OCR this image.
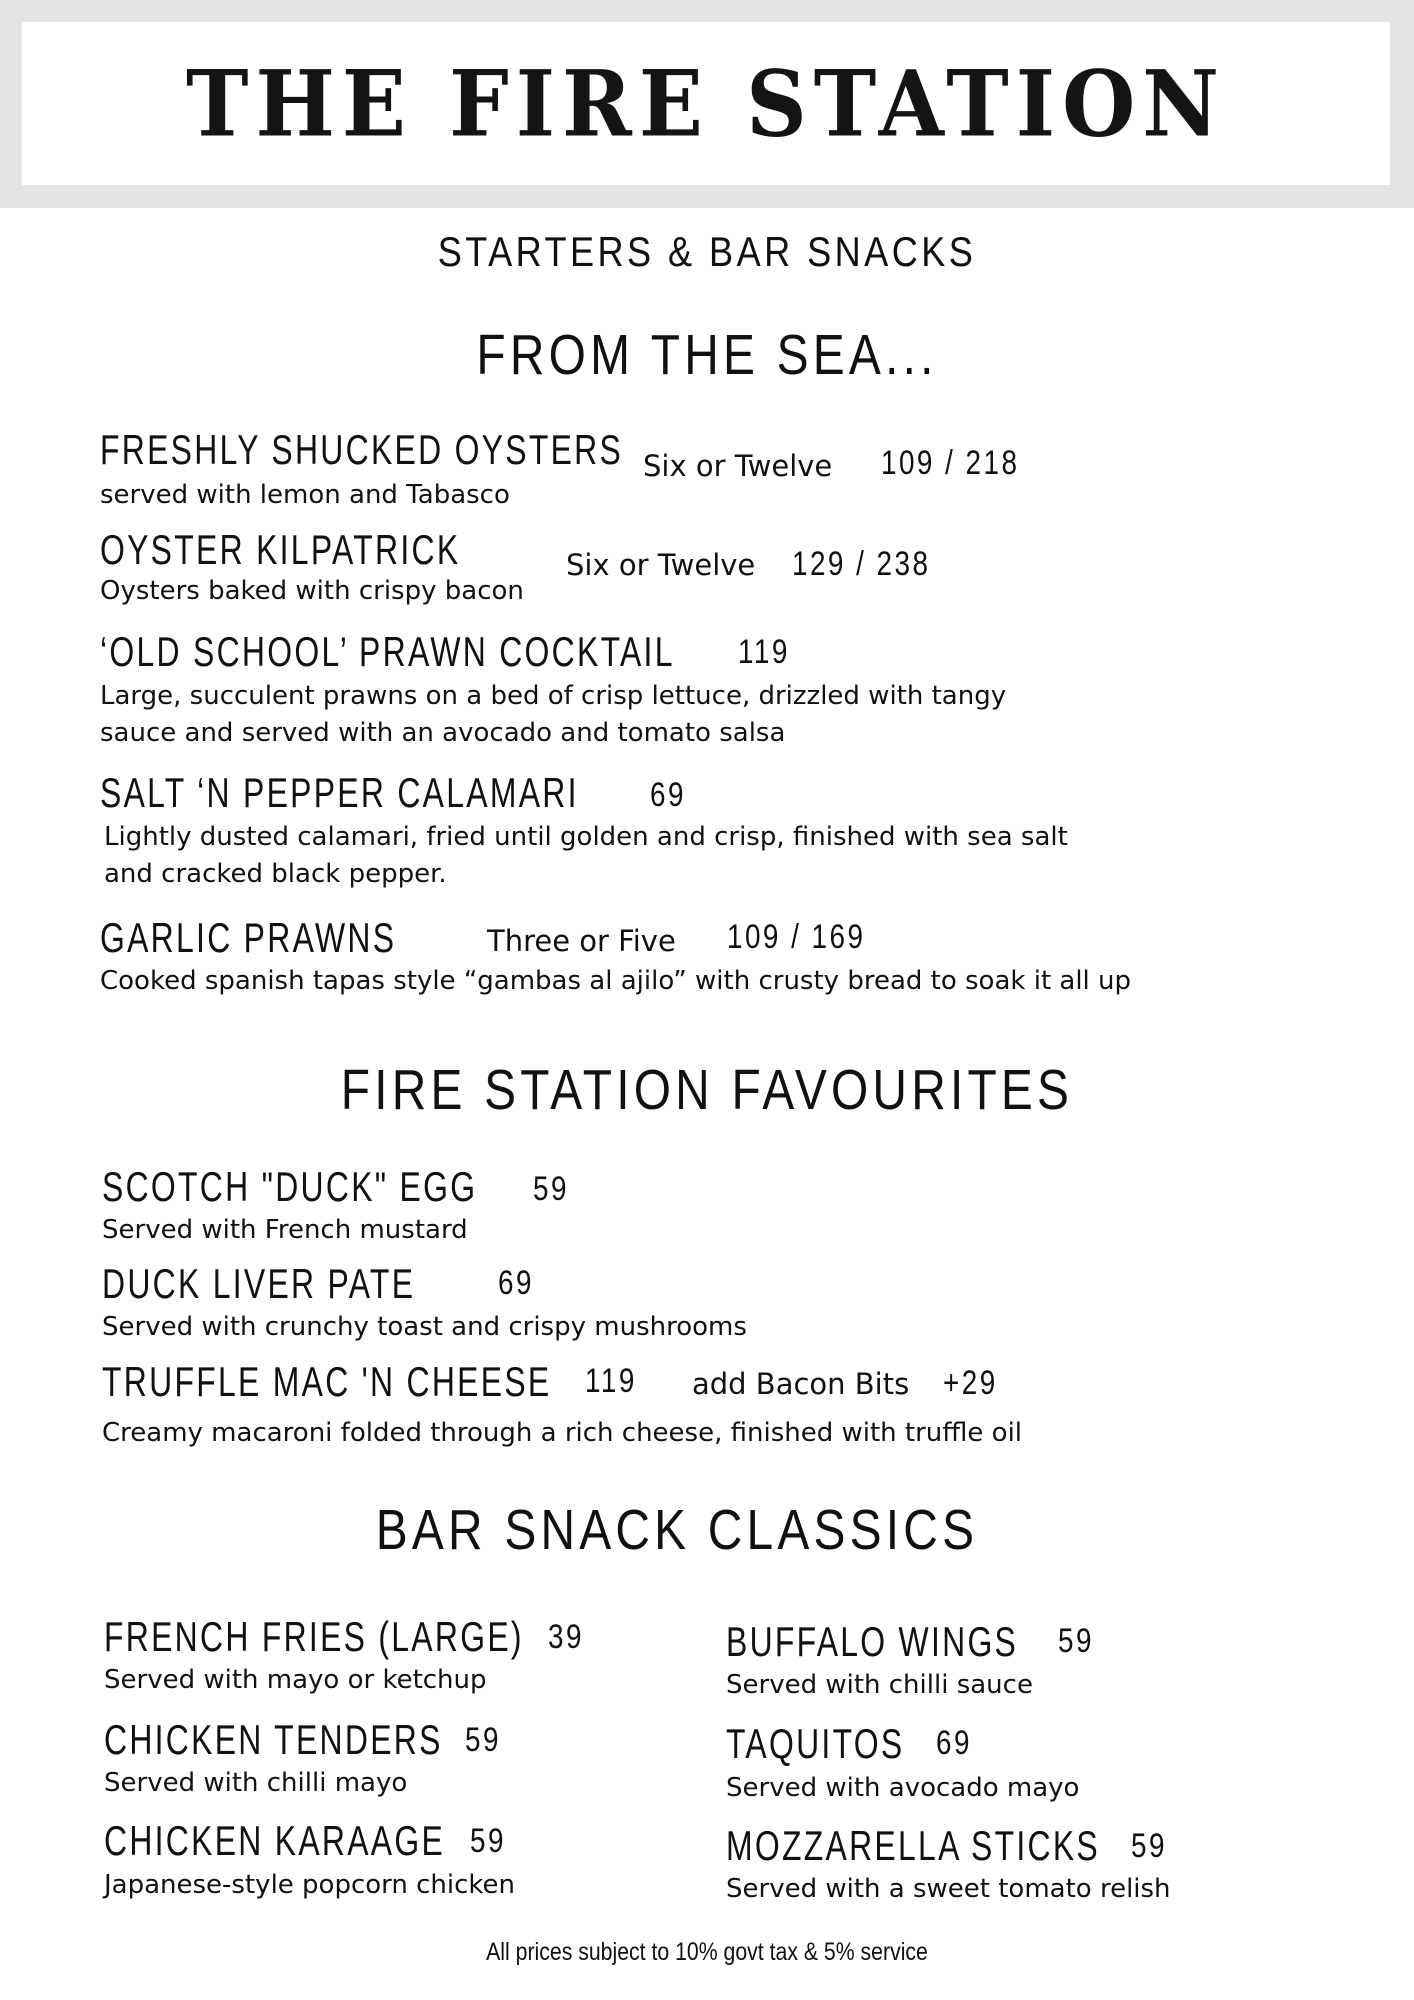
THE FIRE STATION
STARTERS & BAR SNACKS
FROM THE SEA...
FRESHLY SHUCKED OYSTERS Six or Twelve 109 / 218
served with lemon and Tabasco
OYSTER KILPATRICK	Six or Twelve 129 / 238
Oysters baked with crispy bacon
‘OLD SCHOOL’ PRAWN COCKTAIL 119
Large, succulent prawns on a bed of crisp lettuce, drizzled with tangy
sauce and served with an avocado and tomato salsa
SALT ‘N PEPPER CALAMARI 69
Lightly dusted calamari, fried until golden and crisp, finished with sea salt
and cracked black pepper.
GARLIC PRAWNS	Three or Five 109 / 169
Cooked spanish tapas style “gambas al ajilo” with crusty bread to soak it all up
FIRE STATION FAVOURITES
SCOTCH "DUCK" EGG 59
Served with French mustard
DUCK LIVER PATE 69
Served with crunchy toast and crispy mushrooms
TRUFFLE MAC 'N CHEESE 119 add Bacon Bits +29
Creamy macaroni folded through a rich cheese, finished with truffle oil
BAR SNACK CLASSICS
FRENCH FRIES (LARGE) 39
Served with mayo or ketchup
CHICKEN TENDERS 59
Served with chilli mayo
CHICKEN KARAAGE 59
Japanese-style popcorn chicken
BUFFALO WINGS 59
Served with chilli sauce
TAQUITOS 69
Served with avocado mayo
MOZZARELLA STICKS 59
Served with a sweet tomato relish
All prices subject to 10% govt tax & 5% service
